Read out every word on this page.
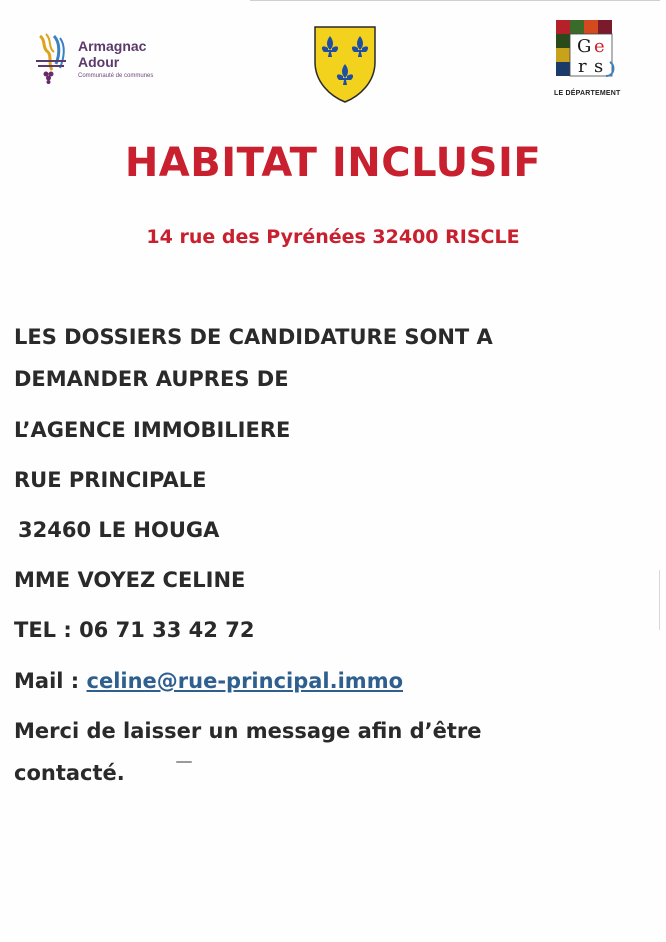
Armagnac
Adour
Communauté de communes
G e
r s
LE DÉPARTEMENT
HABITAT INCLUSIF
14 rue des Pyrénées 32400 RISCLE
LES DOSSIERS DE CANDIDATURE SONT A
DEMANDER AUPRES DE
L’AGENCE IMMOBILIERE
RUE PRINCIPALE
32460 LE HOUGA
MME VOYEZ CELINE
TEL : 06 71 33 42 72
Mail : celine@rue-principal.immo
Merci de laisser un message afin d’être
contacté.
